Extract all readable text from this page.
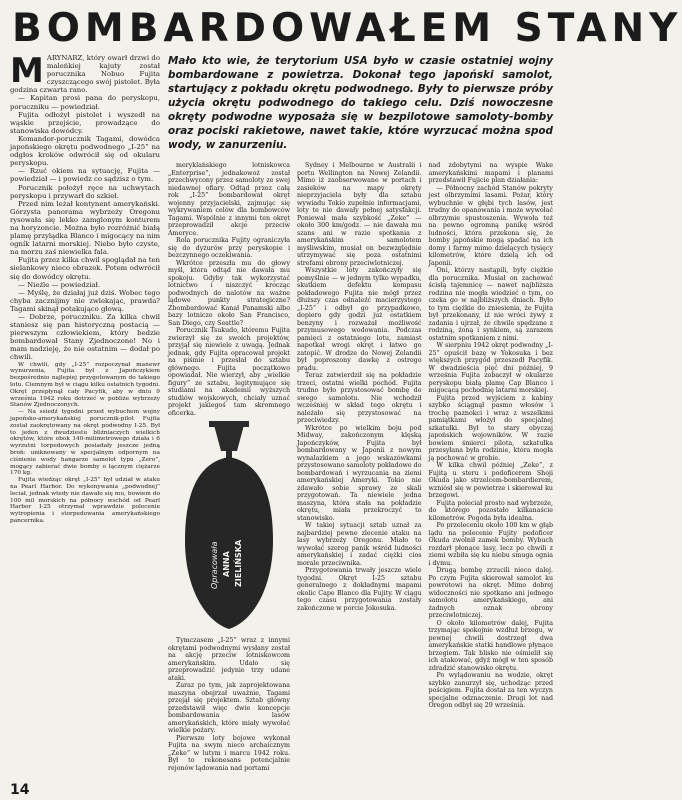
BOMBARDOWAŁEM STANY
M ARYNARZ, który owarł drzwi do maleńkiej kajuty został porucznika Nobuo Fujita czyszczącego swój pistolet. Była godzina czwarta rano.

— Kapitan prosi pana do peryskopu, poruczniku — powiedział.

Fujita odłożył pistolet i wyszedł na wąskie przejście, prowadzące do stanowiska dowódcy.

Komandor-porucznik Tagami, dowódca japońskiego okrętu podwodnego „I-25” na odgłos kroków odwrócił się od okularu peryskopu.

— Rzuć okiem na sytuację, Fujita — powiedział — i powiedz co sądzisz o tym.

Porucznik położył ręce na uchwytach peryskopu i przywarł do szkieł.

Przed nim leżał kontynent amerykański. Górzysta panorama wybrzeży Oregonu rysowała się lekko zamglonym konturem na horyzoncie. Można było rozróżnić białą plamę przylądka Blanco i migocący na nim ogník latarni morskiej. Niebo było czyste, na morzu zaś niewielka fala.

Fujita przez kilka chwil spoglądał na ten sielankowy nieco obrazek. Potem odwrócił się do dowódcy okrętu.

— Nieźle — powiedział.

— Myślę, że działaj już dziś. Wobec tego chyba zacznijmy nie zwlekając, prawda? Tagami skinął potakująco głową.

— Dobrze, poruczniku. Za kilka chwil staniesz się pan historyczną postacią — pierwszym człowiekiem, który bedzie bombardował Stany Zjednoczone! No i mam nadzieję, że nie ostatnim — dodał po chwili.

W chwili, gdy „I-25” rozpoczynał manewr wynurzenia, Fujita był z Japończykiem bezpośrednio najlepiej przygotowanym do takiego lotu. Ciemnym był w ciągu kilku ostatnich tygodni. Okręt przepłynął cały Pacyfik, aby w dniu 9 września 1942 roku dotrzeć w pobliże wybrzeży Stanów Zjednoczonych.

— Na ssiedź tygodni przed wybuchem wojny japońsko-amerykańskiej porucznik-pilot Fujita został zaokrętowany na okręt podwodny I-25. Był to jeden z dwudziestu bliźniaczych wielkich okrętów, które obok 140-milimetrowego działa i 6 wyrzutni torpedowych posiadały jeszcze jedną broń: uniknowany w specjalnym odpornym na ciśnienie wody hangarze samolot typu „Zero”, mogący zabierać dwie bomby o łącznym ciężarze 170 kg.

Fujita wiedząc okręt „I-25” był udział w ataku na Pearl Harbor. Do wykonywania „podwodnej” leciał, jednak wtedy nie dawało się mu, bowiem do 100 mil morskich na północy wschód od Pearl Harbor I-25 otrzymał wprawdzie polecenie wytropienia i storpedowania amerykańskiego pancernika.

Mało kto wie, że terytorium USA było w czasie ostatniej wojny bombardowane z powietrza. Dokonał tego japoński samolot, startujący z pokładu okrętu podwodnego. Były to pierwsze próby użycia okrętu podwodnego do takiego celu. Dziś nowoczesne okręty podwodne wyposaża się w bezpilotowe samoloty-bomby oraz pociski rakietowe, nawet takie, które wyrzucać można spod wody, w zanurzeniu.

meryklańskiego lotniskowca „Enterprise”, jednakowoż został przechwycony przez samoloty ze swej niedawnej ofiary. Odtąd przez całą rok „I-25” bombardował okręt wojenny przyjacielski, zajmując się wykrywaniem celów dla bombowców Tagami. Wspólnie z innymi ten okręt przeprowadził akcje przeciw Ameryce.

Rola porucznika Fujity ograniczyła się do dyżurów przy peryskopie i bezczynnego oczekiwania.

Wkrótce przeszła mu do głowy myśl, która odtąd nie dawała mu spokoju. Gdyby tak wykorzystać lotnictwo i niszczyć krocząc podwodnych do nalotów na ważne lądowe punkty strategiczne? Zbombardować Kanał Panamski albo bazy lotnicze około San Francisco, San Diego, czy Seattle?

Porucznik Tsukudo, któremu Fujita zwierzył się ze swoich projektów, przyjął się niewiele z uwagą. Jednak jednak, gdy Fujita opracował projekt na piśmie i przesłał do sztabu głównego. Fujita początkowo opowiadał. Nie wierzył, aby „wielkie figury” ze sztabu, legitymujące się studiami na akademii wyższych studiów wojskowych, chciały uznać projekt jakiegoś tam skromnego oficerka.

Opracowała ANNA ZIELIŃSKA

Tymczasem „I-25” wraz z innymi okrętami podwodnymi wysłany został na akcję przeciw lotniskowcom amerykańskim. Udało się przeprowadzić jedynie trzy udane ataki.

Zaraz po tym, jak zaprojektowana maszyna obejrzał uważnie, Tagami przejął się projektem. Sztab główny przedstawił więc dwie koncepcje bombardowania lasów amerykańskich, które miały wywołać wielkie pożary.

Pierwsze loty bojowe wykonał Fujita na swym nieco archaicznym „Zeke” w lutym i marcu 1942 roku. Był to rekonesans potencjalnie rejonów lądowania nad portami

Sydney i Melbourne w Australii i portu Wellington na Nowej Zelandii. Mimo iż zaobserwowane w portach i zasieków na mapy okręty nieprzyjaciela były dla sztabu wywiadu Tokio zupełnie informacjami, loty te nie dawały pełnej satysfakcji. Poniewał mała szybkość „Zeke” — około 300 km/godz. — nie dawała mu szans ani w razie spotkania z amerykańskim samolotem myśliwskim, musiał on bezwzględnie utrzymywać się poza ostatnimi strefami obrony przeciwlotniczej.

Wszystkie loty zakończyły się pomyślnie — w jednym tylko wypadku, skutkiem defektu kompasu pokładowego Fujita nie mógł przez dłuższy czas odnaleźć macierzystego „I-25” i odbył go przypadkowo, dopiero gdy godzi już ostatkiem benzyny i rozważał możliwość przymusowego wodowania. Podczas pamięci z ostatniego lotu, zamiast napotkał wrogi okręt i łatwo go zatopić. W drodze do Nowej Zelandii był poproszony dawkę z ostrego prądu.

Teraz zatwierdził się na pokładzie trzeci, ostatni wielki pochód. Fujita trudno było przystosować bombę do swego samolotu. Nie wchodził wcześniej w skład tego okrętu i należało się przystosować na przeciwiedzy.

Wkrótce po wielkim boju pod Midway, zakończonym klęską Japończyków, Fujita był bombardowany w Japonii z nowym wynalazkiem a jego wskazówkami przystosowano samoloty pokładowe do bombardowań i wyrzucania na ziemi amerykańskiej Ameryki. Tokio nie zdawało sobie sprawy ze skali przygotowań. Ta niewiele jedna maszyna, która stała na pokładzie okrętu, miała przekroczyć to stanowisko.

W takiej sytuacji sztab uznał za najbardziej pewne zlecenie ataku na lasy wybrzeży Oregonu. Miało to wywołać szereg panik wśród ludności amerykańskiej i zadać ciężki cios morale przeciwnika.

Przygotowania trwały jeszcze wiele tygodni. Okręt I-25 sztabu generalnego z dokładnymi mapami okolic Cape Blanco dla Fujity. W ciągu tego czasu przygotowania zostały zakończone w porcie Jokosuka.

nad zdobytymi na wyspie Wake amerykańskimi mapami i planami przedstawił Fujicie plan działania:

— Północny zachód Stanów pokryty jest olbrzymimi lasami. Pożar, który wybuchnie w głębi tych lasów, jest trudny do opanowania i może wywołać olbrzymie spustoszenia. Wywoła też na pewno ogromną panikę wśród ludności, która przekona się, że bomby japońskie mogą spadać na ich domy i farmy mimo dzielących tysięcy kilometrów, które dzielą ich od Japonii.

Oni, którzy nastąpili, były ciężkie dla porucznika. Musiał on zachować ścisłą tajemnicę — nawet najbliższa rodzina nie mogła wiedzieć o tym, co czeka go w najbliższych dniach. Było to tym ciężkie do zniesienia, że Fujita był przekonany, iż nie wróci żywy z zadania i ujrzał, że chwile spędzane z rodziną, żoną i synkiem, są zarazem ostatnim spotkaniem z nimi.

W sierpniu 1942 okręt podwodny „I-25” opuścił bazę w Yokosuka i bez większych przygód przeszedł Pacyfik. W dwadzieścia pięć dni później, 9 września Fujita zobaczył w okularze peryskopu białą plamę Cap Blanco i migocącą pochodnię latarni morskiej.

Fujita przed wyjściem z kabiny szybko ściągnął pasmo włosów i trochę paznokci i wraz z wszelkimi pamiątkami włożył do specjalnej szkatułki. Był to stary obyczaj japońskich wojowników. W razie bowiem śmierci pilota, szkatułka przesyłana była rodzinie, która mogła ją pochować w grobie.

W kilka chwil później „Zeke”, z Fujitą u steru i podoficerem Shoji Okuda jako strzelcem-bombardierem, wzniósł się w powietrze i skierował ku brzegowi.

Fujita poleciał prosto nad wybrzeże, do którego pozostało kilkanaście kilometrów. Pogoda była idealna.

Po przeleceniu około 100 km w głąb lądu na polecenie Fujity podoficer Okuda zwolnił zamek bomby. Wybuch rozdarł płonące lasy, lecz po chwili z ziemi wzbiła się ku niebu smuga ognia i dymu.

Drugą bombę zrzucili nieco dalej. Po czym Fujita skierował samolot ku powrotowi na okręt. Mimo dobrej widoczności nie spotkano ani jednego samolotu amerykańskiego, ani żadnych oznak obrony przeciwlotniczej.

O około kilometrów dalej, Fujita trzymając spokojnie wzdłuż brzegu, w pewnej chwili dostrzegł dwa amerykańskie statki handlowe płynące brzegiem. Tak blisko nie ośmielił się ich atakować, gdyż mógł w ten sposób zdradzić stanowisko okrętu.

Po wylądowaniu na wodzie, okręt szybko zanurzył się, uchodząc przed pościgiem. Fujita dostał za ten wyczyn specjalne odznaczenie. Drugi lot nad Oregon odbył się 29 września.

14
